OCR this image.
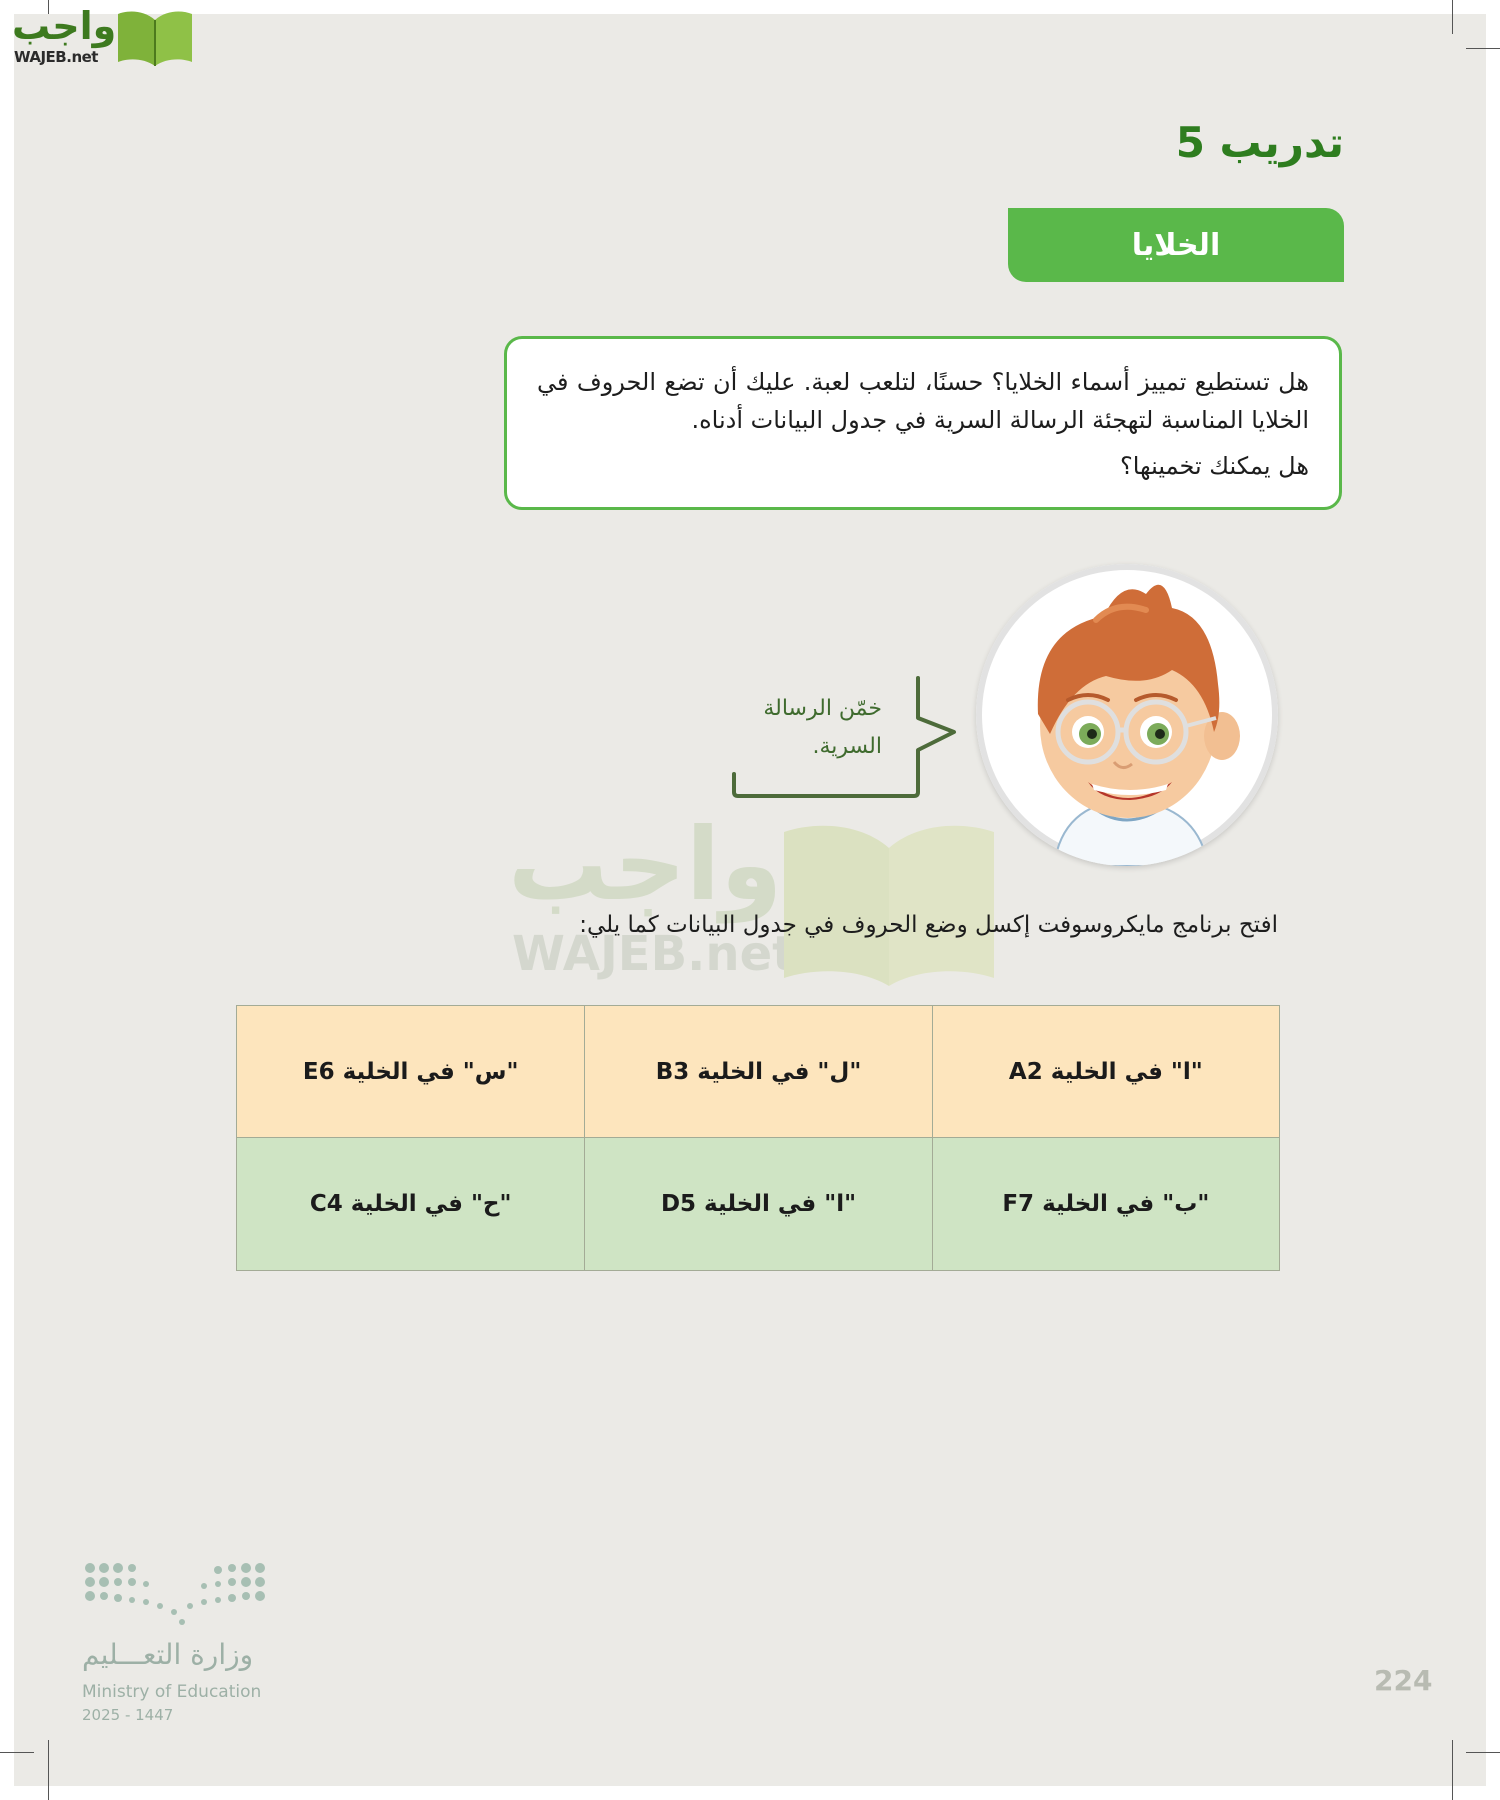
واجب
WAJEB.net
تدريب 5
الخلايا

هل تستطيع تمييز أسماء الخلايا؟ حسنًا، لتلعب لعبة. عليك أن تضع الحروف في الخلايا المناسبة لتهجئة الرسالة السرية في جدول البيانات أدناه.

هل يمكنك تخمينها؟

خمّن الرسالة
السرية.
واجب
WAJEB.net
افتح برنامج مايكروسوفت إكسل وضع الحروف في جدول البيانات كما يلي:
"ا" في الخلية A2
"ل" في الخلية B3
"س" في الخلية E6
"ب" في الخلية F7
"ا" في الخلية D5
"ح" في الخلية C4
وزارة التعـــليم
Ministry of Education
2025 - 1447
224
